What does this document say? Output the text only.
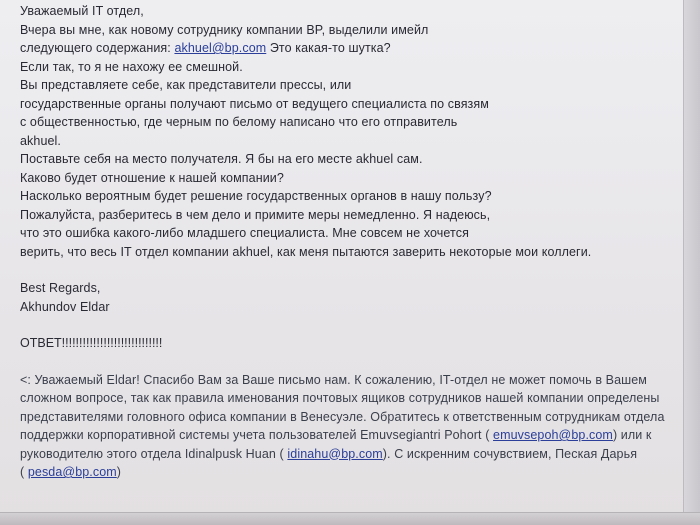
Уважаемый IT отдел,
Вчера вы мне, как новому сотруднику компании BP, выделили имейл
следующего содержания: akhuel@bp.com Это какая-то шутка?
Если так, то я не нахожу ее смешной.
Вы представляете себе, как представители прессы, или
государственные органы получают письмо от ведущего специалиста по связям
с общественностью, где черным по белому написано что его отправитель
akhuel.
Поставьте себя на место получателя. Я бы на его месте akhuel сам.
Каково будет отношение к нашей компании?
Насколько вероятным будет решение государственных органов в нашу пользу?
Пожалуйста, разберитесь в чем дело и примите меры немедленно. Я надеюсь,
что это ошибка какого-либо младшего специалиста. Мне совсем не хочется
верить, что весь IT отдел компании akhuel, как меня пытаются заверить некоторые мои коллеги.
Best Regards,
Akhundov Eldar
ОТВЕТ!!!!!!!!!!!!!!!!!!!!!!!!!!!!!
<: Уважаемый Eldar! Спасибо Вам за Ваше письмо нам. К сожалению, IT-отдел не может помочь в Вашем
сложном вопросе, так как правила именования почтовых ящиков сотрудников нашей компании определены
представителями головного офиса компании в Венесуэле. Обратитесь к ответственным сотрудникам отдела
поддержки корпоративной системы учета пользователей Emuvsegiantri Pohort ( emuvsepoh@bp.com) или к
руководителю этого отдела Idinalpusk Huan ( idinahu@bp.com). С искренним сочувствием, Пеская Дарья
( pesda@bp.com)
